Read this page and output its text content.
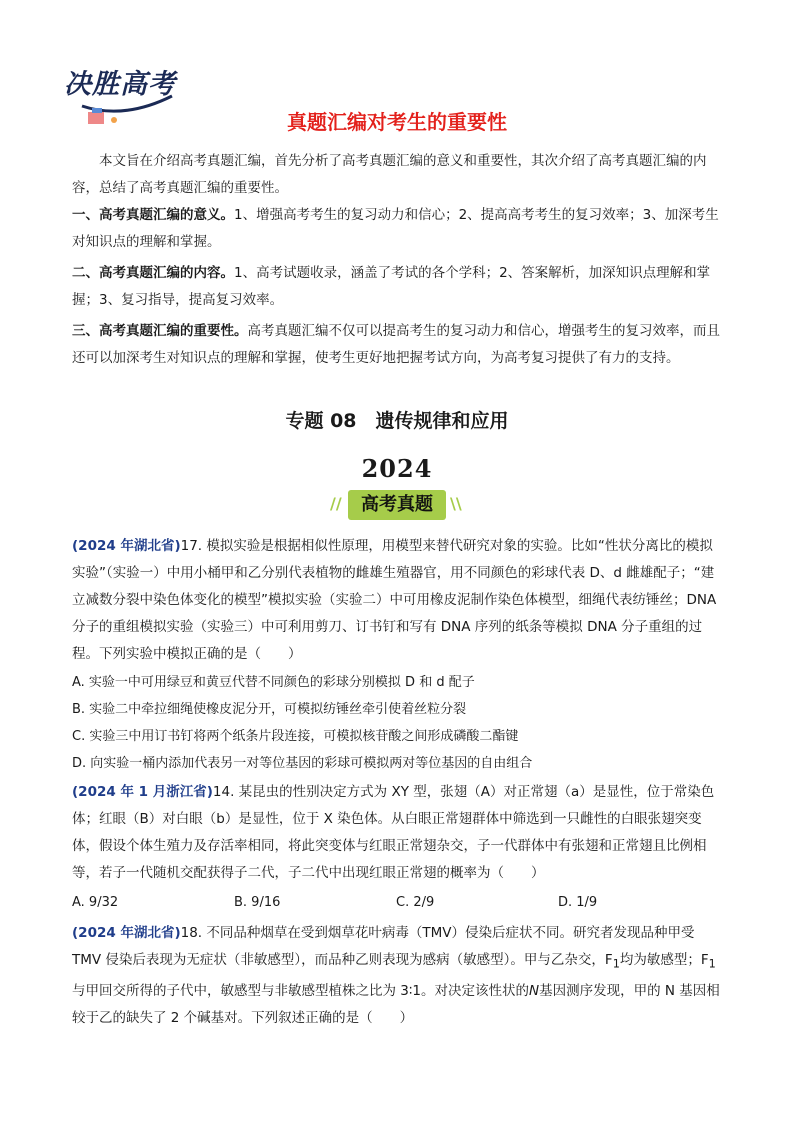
决胜高考
真题汇编对考生的重要性
本文旨在介绍高考真题汇编，首先分析了高考真题汇编的意义和重要性，其次介绍了高考真题汇编的内容，总结了高考真题汇编的重要性。
一、高考真题汇编的意义。1、增强高考考生的复习动力和信心；2、提高高考考生的复习效率；3、加深考生对知识点的理解和掌握。
二、高考真题汇编的内容。1、高考试题收录，涵盖了考试的各个学科；2、答案解析，加深知识点理解和掌握；3、复习指导，提高复习效率。
三、高考真题汇编的重要性。高考真题汇编不仅可以提高考生的复习动力和信心，增强考生的复习效率，而且还可以加深考生对知识点的理解和掌握，使考生更好地把握考试方向，为高考复习提供了有力的支持。
专题 08　遗传规律和应用
2024
//	高考真题	\\
(2024 年湖北省)17. 模拟实验是根据相似性原理，用模型来替代研究对象的实验。比如“性状分离比的模拟实验”（实验一）中用小桶甲和乙分别代表植物的雌雄生殖器官，用不同颜色的彩球代表 D、d 雌雄配子；“建立减数分裂中染色体变化的模型”模拟实验（实验二）中可用橡皮泥制作染色体模型，细绳代表纺锤丝；DNA 分子的重组模拟实验（实验三）中可利用剪刀、订书钉和写有 DNA 序列的纸条等模拟 DNA 分子重组的过程。下列实验中模拟正确的是（　　）
A. 实验一中可用绿豆和黄豆代替不同颜色的彩球分别模拟 D 和 d 配子
B. 实验二中牵拉细绳使橡皮泥分开，可模拟纺锤丝牵引使着丝粒分裂
C. 实验三中用订书钉将两个纸条片段连接，可模拟核苷酸之间形成磷酸二酯键
D. 向实验一桶内添加代表另一对等位基因的彩球可模拟两对等位基因的自由组合
(2024 年 1 月浙江省)14. 某昆虫的性别决定方式为 XY 型，张翅（A）对正常翅（a）是显性，位于常染色体；红眼（B）对白眼（b）是显性，位于 X 染色体。从白眼正常翅群体中筛选到一只雌性的白眼张翅突变体，假设个体生殖力及存活率相同，将此突变体与红眼正常翅杂交，子一代群体中有张翅和正常翅且比例相等，若子一代随机交配获得子二代，子二代中出现红眼正常翅的概率为（　　）
A. 9/32	B. 9/16	C. 2/9	D. 1/9
(2024 年湖北省)18. 不同品种烟草在受到烟草花叶病毒（TMV）侵染后症状不同。研究者发现品种甲受 TMV 侵染后表现为无症状（非敏感型），而品种乙则表现为感病（敏感型）。甲与乙杂交，$F_1$均为敏感型；$F_1$与甲回交所得的子代中，敏感型与非敏感型植株之比为 3∶1。对决定该性状的N基因测序发现，甲的 N 基因相较于乙的缺失了 2 个碱基对。下列叙述正确的是（　　）
